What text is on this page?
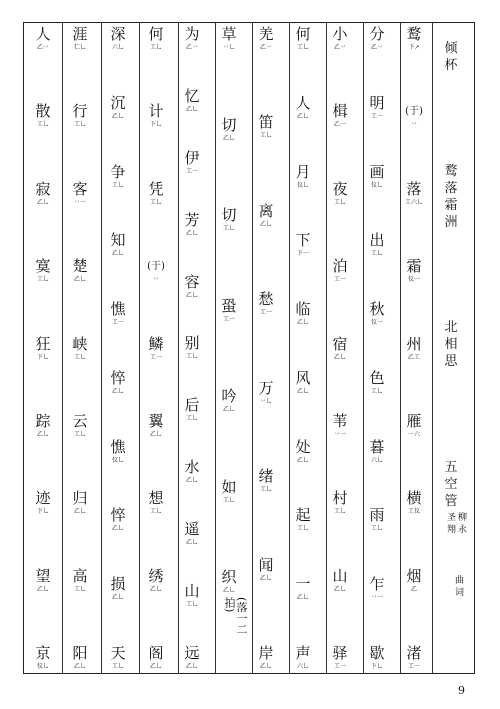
鹜
下↗
(于)
丷
落
工六乚
霜
仪一
州
乙工
雁
一六
横
工仪
烟
乙
渚
工一
分
乙丷
明
工一
画
仪乚
出
工乚
秋
仪一
色
工乚
暮
六乚
雨
工乚
乍
丷一
歇
下乚
小
乙丷
楫
乙一
夜
工乚
泊
工一
宿
乙乚
苇
丷一
村
工乚
山
乙乚
驿
工一
何
工乚
人
乙乚
月
仪乚
下
下一
临
乙乚
风
乙乚
处
乙乚
起
工乚
一
乙乚
声
六乚
羌
乙丷
笛
工乚
离
乙乚
愁
工一
万
丷乚
绪
工乚
闻
乙乚
岸
乙乚
草
丷乚
切
乙乚
切
工乚
蛩
工一
吟
乙乚
如
工乚
织
乙乚
为
乙丷
忆
乙乚
伊
工一
芳
乙乚
容
乙乚
别
工乚
后
工乚
水
乙乚
遥
乙乚
山
工乚
远
乙乚
何
工乚
计
下乚
凭
工乚
(于)
丷
鳞
工一
翼
乙乚
想
工乚
绣
乙乚
阁
乙乚
深
六乚
沉
乙乚
争
工乚
知
乙乚
憔
工一
悴
乙乚
憔
仪乚
悴
乙乚
损
乙乚
天
工乚
涯
仁乚
行
工乚
客
丷一
楚
乙乚
峡
工乚
云
工乚
归
乙乚
高
工乚
阳
乙乚
人
乙丷
散
工乚
寂
乙乚
寞
工乚
狂
下乚
踪
乙乚
迹
下乚
望
乙乚
京
仪乚
(落一二拍)
倾
杯
鹜
落
霜
洲
北
相
思
五
空
管
柳
永
圣
翔
曲
词
9
